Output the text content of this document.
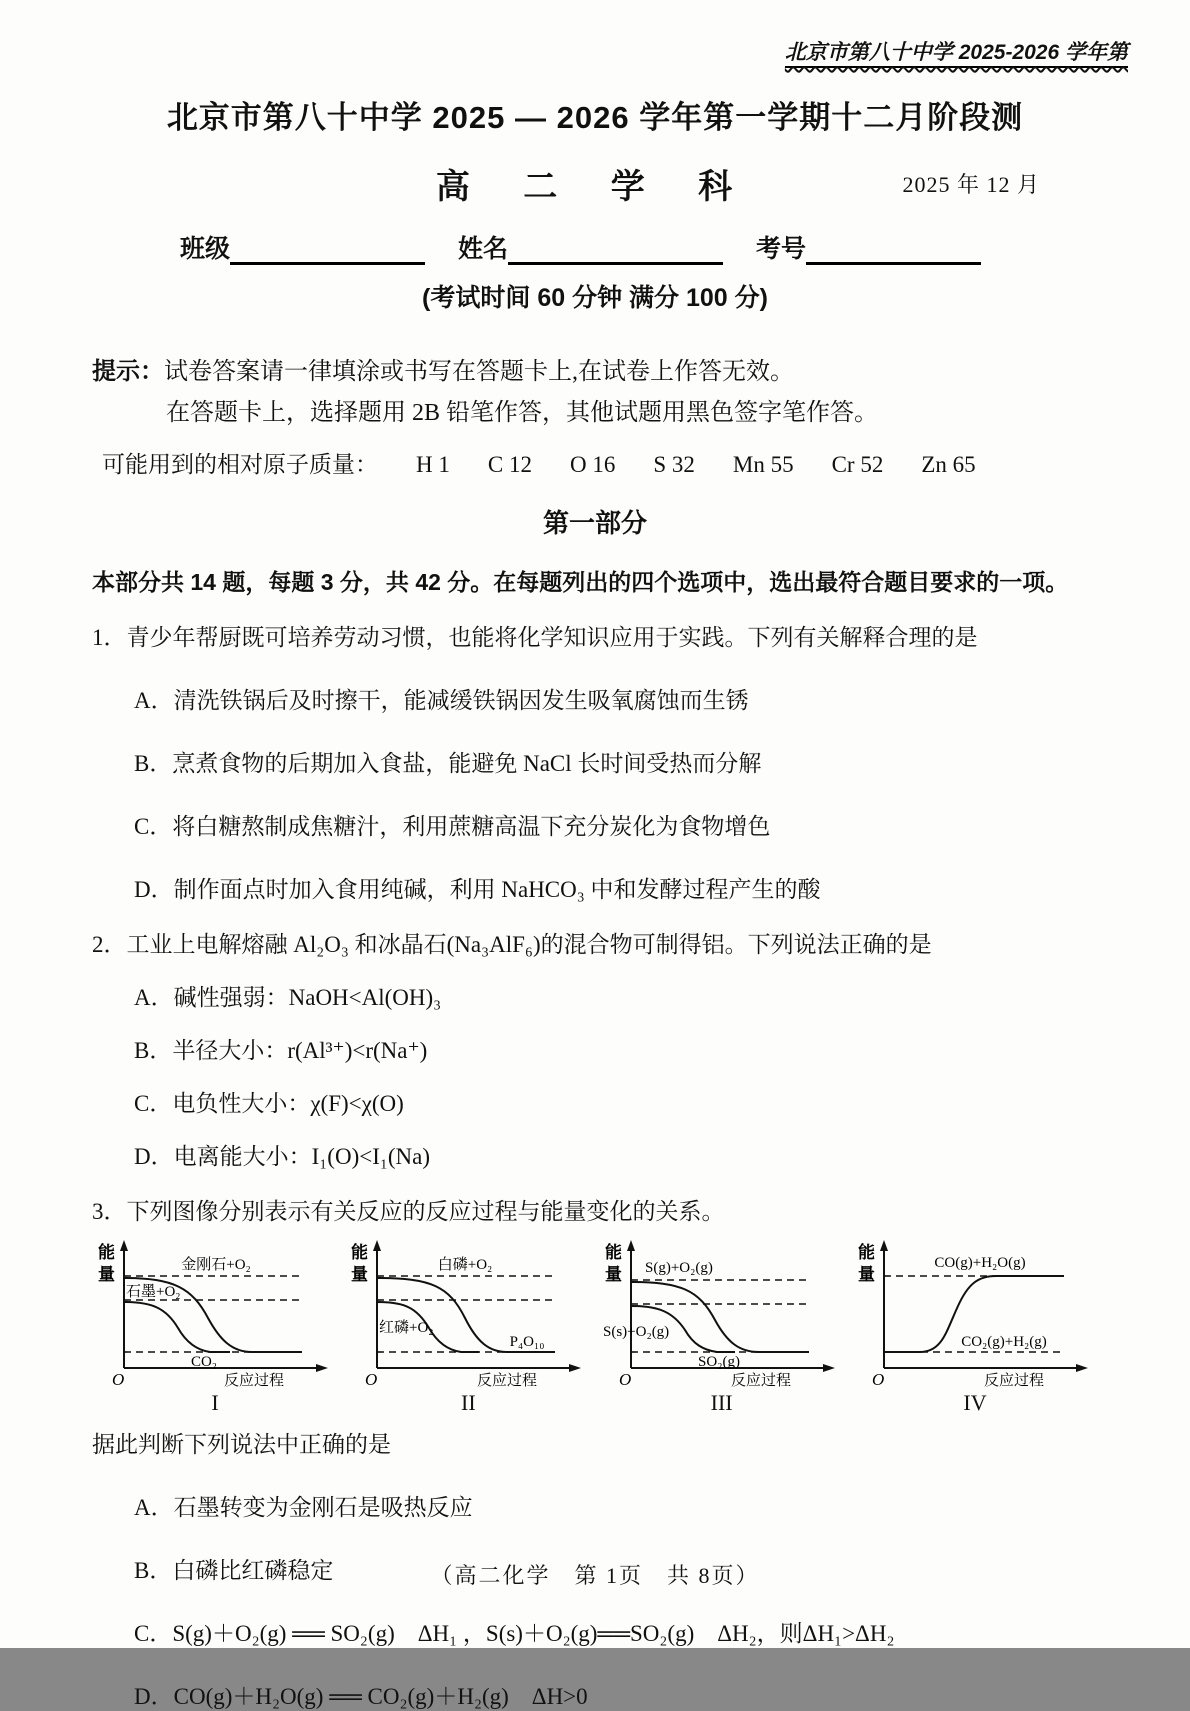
北京市第八十中学 2025-2026 学年第
北京市第八十中学 2025 — 2026 学年第一学期十二月阶段测
高 二 学 科	2025 年 12 月
班级	姓名	考号
(考试时间 60 分钟 满分 100 分)
提示：试卷答案请一律填涂或书写在答题卡上,在试卷上作答无效。
在答题卡上，选择题用 2B 铅笔作答，其他试题用黑色签字笔作答。
可能用到的相对原子质量： H 1 C 12 O 16 S 32 Mn 55 Cr 52 Zn 65
第一部分
本部分共 14 题，每题 3 分，共 42 分。在每题列出的四个选项中，选出最符合题目要求的一项。
1．青少年帮厨既可培养劳动习惯，也能将化学知识应用于实践。下列有关解释合理的是
A．清洗铁锅后及时擦干，能减缓铁锅因发生吸氧腐蚀而生锈
B．烹煮食物的后期加入食盐，能避免 NaCl 长时间受热而分解
C．将白糖熬制成焦糖汁，利用蔗糖高温下充分炭化为食物增色
D．制作面点时加入食用纯碱，利用 NaHCO₃ 中和发酵过程产生的酸
2．工业上电解熔融 Al₂O₃ 和冰晶石(Na₃AlF₆)的混合物可制得铝。下列说法正确的是
A．碱性强弱：NaOH<Al(OH)₃
B．半径大小：r(Al³⁺)<r(Na⁺)
C．电负性大小：χ(F)<χ(O)
D．电离能大小：I₁(O)<I₁(Na)
3．下列图像分别表示有关反应的反应过程与能量变化的关系。
能
量	金刚石+O₂
石墨+O₂
CO₂
O	反应过程
I
能
量	白磷+O₂
红磷+O₂
P₄O₁₀
O	反应过程
II
能
量 S(g)+O₂(g)
S(s)+O₂(g)
SO₂(g)
O	反应过程
III
能
量
CO(g)+H₂O(g)
CO₂(g)+H₂(g)
O	反应过程
IV
据此判断下列说法中正确的是
A．石墨转变为金刚石是吸热反应
B．白磷比红磷稳定
C．S(g)＋O₂(g) ══ SO₂(g)　ΔH₁ ，S(s)＋O₂(g)══SO₂(g)　ΔH₂，则ΔH₁>ΔH₂
D．CO(g)＋H₂O(g) ══ CO₂(g)＋H₂(g)　ΔH>0
（高二化学　第 1页　共 8页）
